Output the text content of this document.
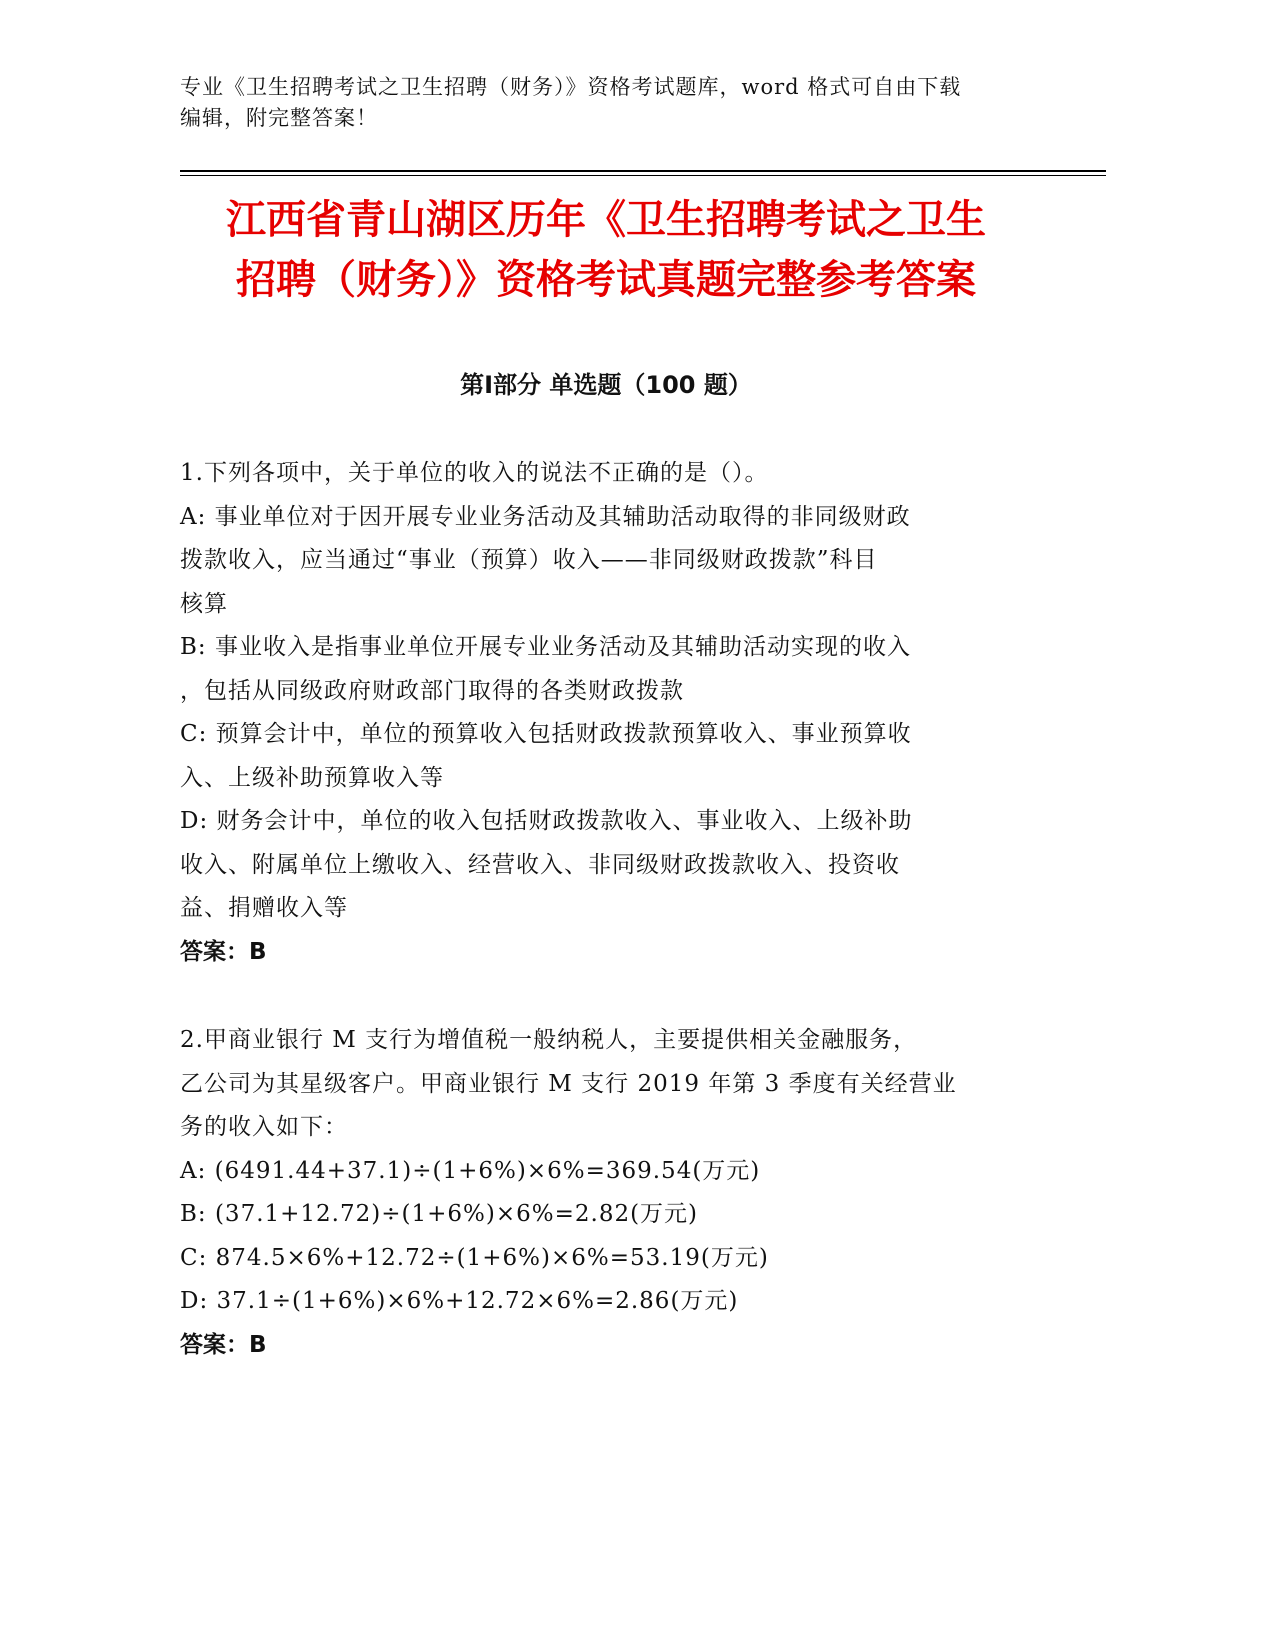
专业《卫生招聘考试之卫生招聘（财务）》资格考试题库，word 格式可自由下载
编辑，附完整答案！
江西省青山湖区历年《卫生招聘考试之卫生
招聘（财务）》资格考试真题完整参考答案
第Ⅰ部分 单选题（100 题）
1.下列各项中，关于单位的收入的说法不正确的是（）。
A: 事业单位对于因开展专业业务活动及其辅助活动取得的非同级财政
拨款收入，应当通过“事业（预算）收入——非同级财政拨款”科目
核算
B: 事业收入是指事业单位开展专业业务活动及其辅助活动实现的收入
，包括从同级政府财政部门取得的各类财政拨款
C: 预算会计中，单位的预算收入包括财政拨款预算收入、事业预算收
入、上级补助预算收入等
D: 财务会计中，单位的收入包括财政拨款收入、事业收入、上级补助
收入、附属单位上缴收入、经营收入、非同级财政拨款收入、投资收
益、捐赠收入等
答案：B
2.甲商业银行 M 支行为增值税一般纳税人，主要提供相关金融服务，
乙公司为其星级客户。甲商业银行 M 支行 2019 年第 3 季度有关经营业
务的收入如下：
A: (6491.44+37.1)÷(1+6%)×6%=369.54(万元)
B: (37.1+12.72)÷(1+6%)×6%=2.82(万元)
C: 874.5×6%+12.72÷(1+6%)×6%=53.19(万元)
D: 37.1÷(1+6%)×6%+12.72×6%=2.86(万元)
答案：B
